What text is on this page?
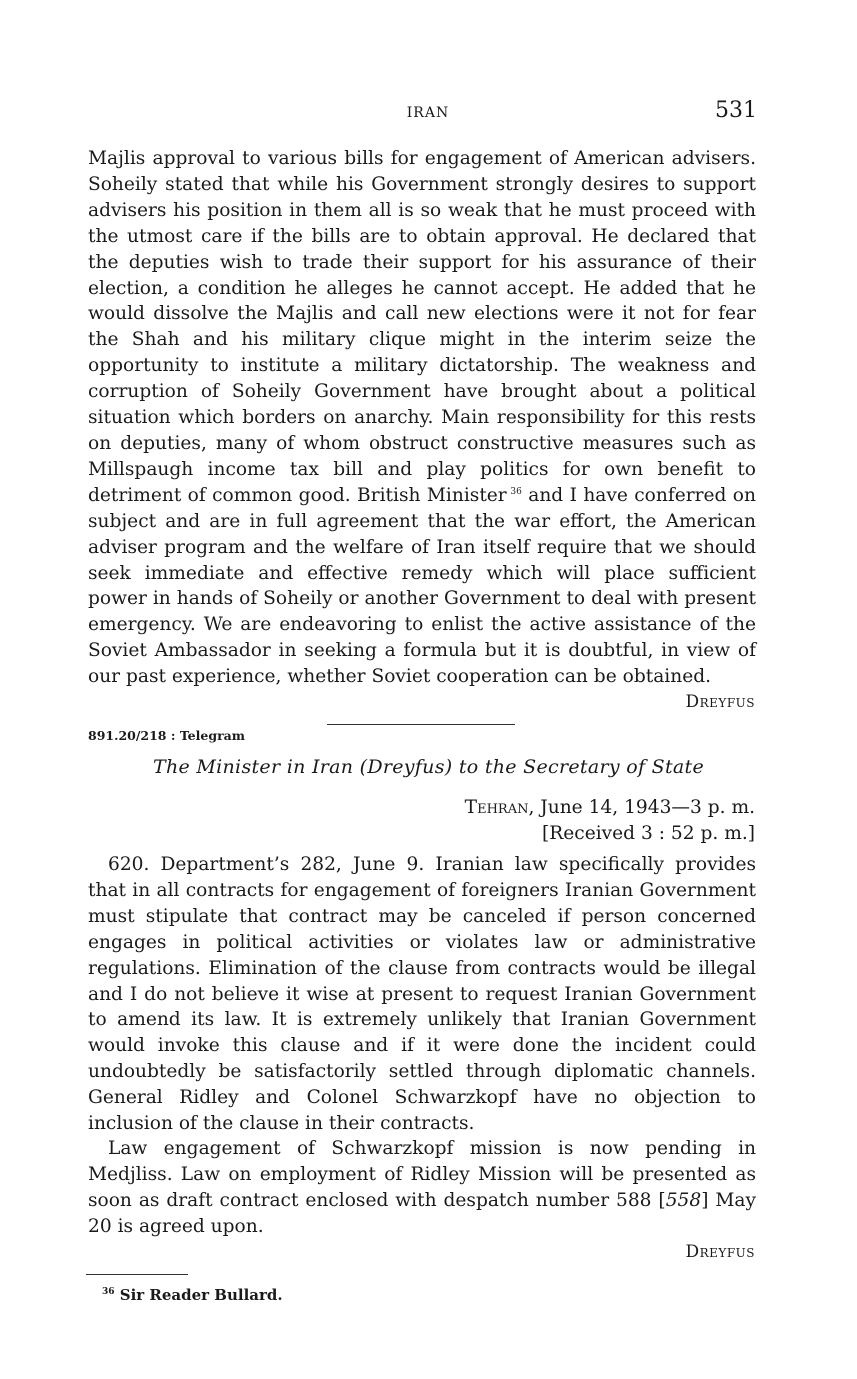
IRAN	531

Majlis approval to various bills for engagement of American advisers. Soheily stated that while his Government strongly desires to support advisers his position in them all is so weak that he must proceed with the utmost care if the bills are to obtain approval. He declared that the deputies wish to trade their support for his assurance of their election, a condition he alleges he cannot accept. He added that he would dissolve the Majlis and call new elections were it not for fear the Shah and his military clique might in the interim seize the opportunity to institute a military dictatorship. The weakness and corruption of Soheily Government have brought about a political situation which borders on anarchy. Main responsibility for this rests on deputies, many of whom obstruct constructive measures such as Millspaugh income tax bill and play politics for own benefit to detriment of common good. British Minister  $^{36}$ and I have conferred on subject and are in full agreement that the war effort, the American adviser program and the welfare of Iran itself require that we should seek immediate and effective remedy which will place sufficient power in hands of Soheily or another Government to deal with present emergency. We are endeavoring to enlist the active assistance of the Soviet Ambassador in seeking a formula but it is doubtful, in view of our past experience, whether Soviet cooperation can be obtained.

Dreyfus
891.20/218 : Telegram
The Minister in Iran (Dreyfus) to the Secretary of State
Tehran, June 14, 1943—3 p. m.
[Received 3 : 52 p. m.]

620. Department’s 282, June 9. Iranian law specifically provides that in all contracts for engagement of foreigners Iranian Government must stipulate that contract may be canceled if person concerned engages in political activities or violates law or administrative regulations. Elimination of the clause from contracts would be illegal and I do not believe it wise at present to request Iranian Government to amend its law. It is extremely unlikely that Iranian Government would invoke this clause and if it were done the incident could undoubtedly be satisfactorily settled through diplomatic channels. General Ridley and Colonel Schwarzkopf have no objection to inclusion of the clause in their contracts.

Law engagement of Schwarzkopf mission is now pending in Medjliss. Law on employment of Ridley Mission will be presented as soon as draft contract enclosed with despatch number 588 [558] May 20 is agreed upon.

Dreyfus
$^{36}$ Sir Reader Bullard.
